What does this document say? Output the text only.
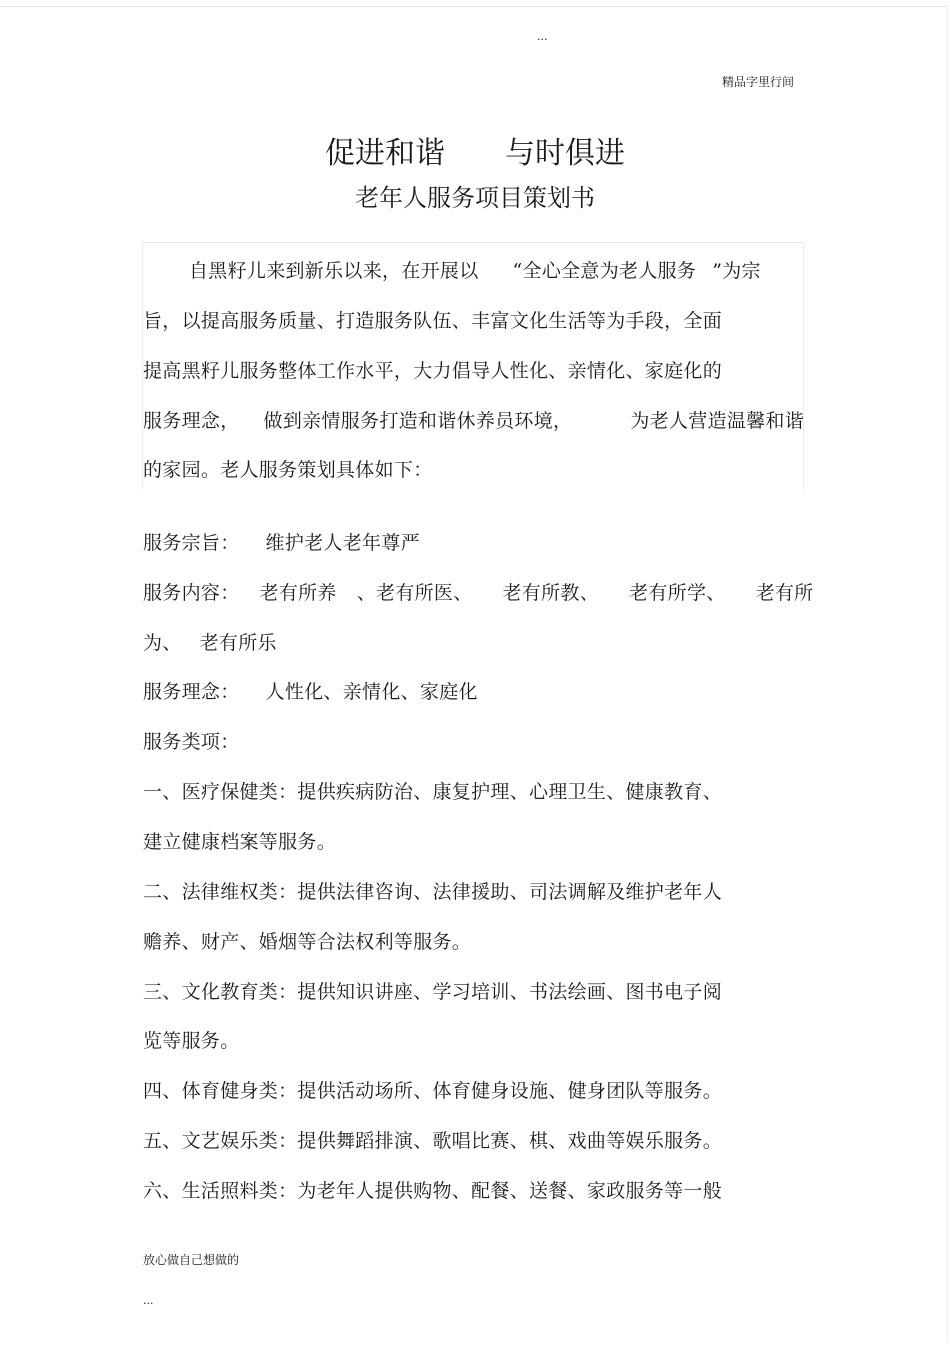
...
精品字里行间
促进和谐 与时俱进
老年人服务项目策划书
自黑籽儿来到新乐以来，在开展以 “全心全意为老人服务 ”为宗
旨，以提高服务质量、打造服务队伍、丰富文化生活等为手段，全面
提高黑籽儿服务整体工作水平，大力倡导人性化、亲情化、家庭化的
服务理念， 做到亲情服务打造和谐休养员环境，	为老人营造温馨和谐
的家园。老人服务策划具体如下：
服务宗旨： 维护老人老年尊严
服务内容： 老有所养 、老有所医、 老有所教、 老有所学、 老有所
为、 老有所乐
服务理念： 人性化、亲情化、家庭化
服务类项：
一、医疗保健类：提供疾病防治、康复护理、心理卫生、健康教育、
建立健康档案等服务。
二、法律维权类：提供法律咨询、法律援助、司法调解及维护老年人
赡养、财产、婚烟等合法权利等服务。
三、文化教育类：提供知识讲座、学习培训、书法绘画、图书电子阅
览等服务。
四、体育健身类：提供活动场所、体育健身设施、健身团队等服务。
五、文艺娱乐类：提供舞蹈排演、歌唱比赛、棋、戏曲等娱乐服务。
六、生活照料类：为老年人提供购物、配餐、送餐、家政服务等一般
放心做自己想做的
...
